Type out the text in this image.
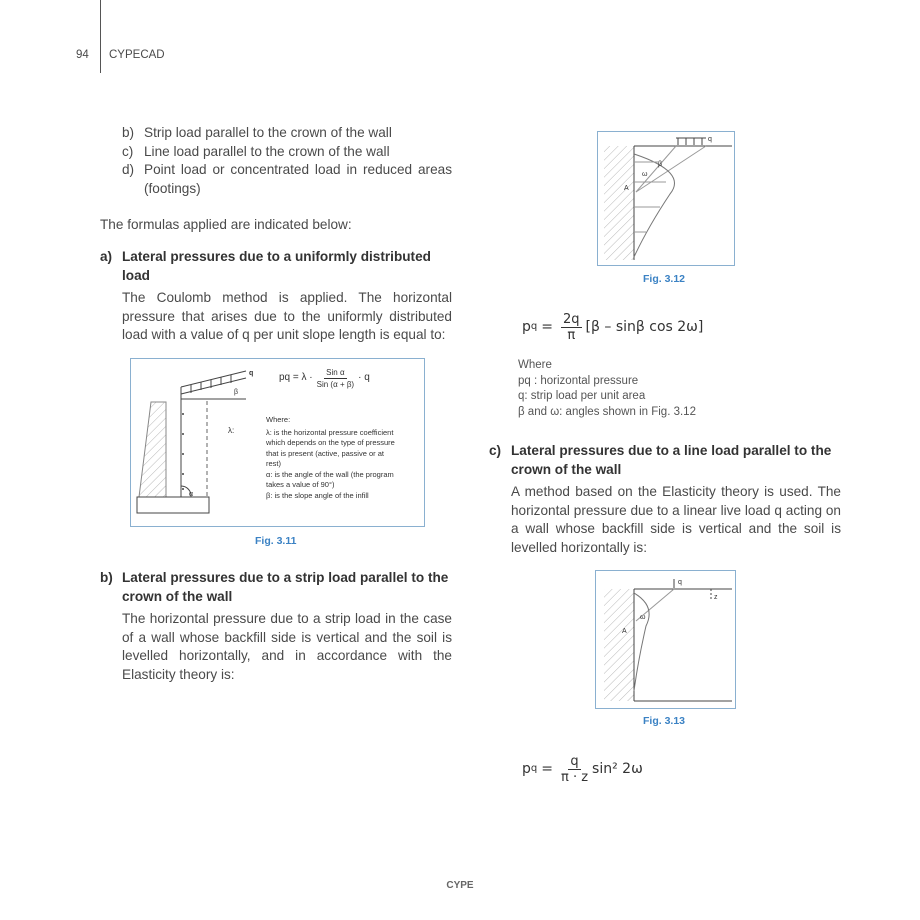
94 CYPECAD
b) Strip load parallel to the crown of the wall
c) Line load parallel to the crown of the wall
d) Point load or concentrated load in reduced areas (footings)
The formulas applied are indicated below:
a) Lateral pressures due to a uniformly distributed load
The Coulomb method is applied. The horizontal pressure that arises due to the uniformly distributed load with a value of q per unit slope length is equal to:
q
β
α
λ:
pq = $\lambda \cdot \frac{\text{Sin α}}{\text{Sin (α + β)}} \cdot q$
Where:
λ: is the horizontal pressure coefficient
which depends on the type of pressure
that is present (active, passive or at
rest)
α: is the angle of the wall (the program
takes a value of 90°)
β: is the slope angle of the infill
Fig. 3.11
b) Lateral pressures due to a strip load parallel to the crown of the wall
The horizontal pressure due to a strip load in the case of a wall whose backfill side is vertical and the soil is levelled horizontally, and in accordance with the Elasticity theory is:
q
β
ω
A
Fig. 3.12
p $q = \frac{2q}{\pi} [\beta - \sin\beta$ cos 2ω]
Where
pq : horizontal pressure
q: strip load per unit area
β and ω: angles shown in Fig. 3.12
c) Lateral pressures due to a line load parallel to the crown of the wall
A method based on the Elasticity theory is used. The horizontal pressure due to a linear live load q acting on a wall whose backfill side is vertical and the soil is levelled horizontally is:
q
z
ω
A
Fig. 3.13
p $q = \frac{q}{\pi \cdot z} \sin^2$ 2ω
CYPE
